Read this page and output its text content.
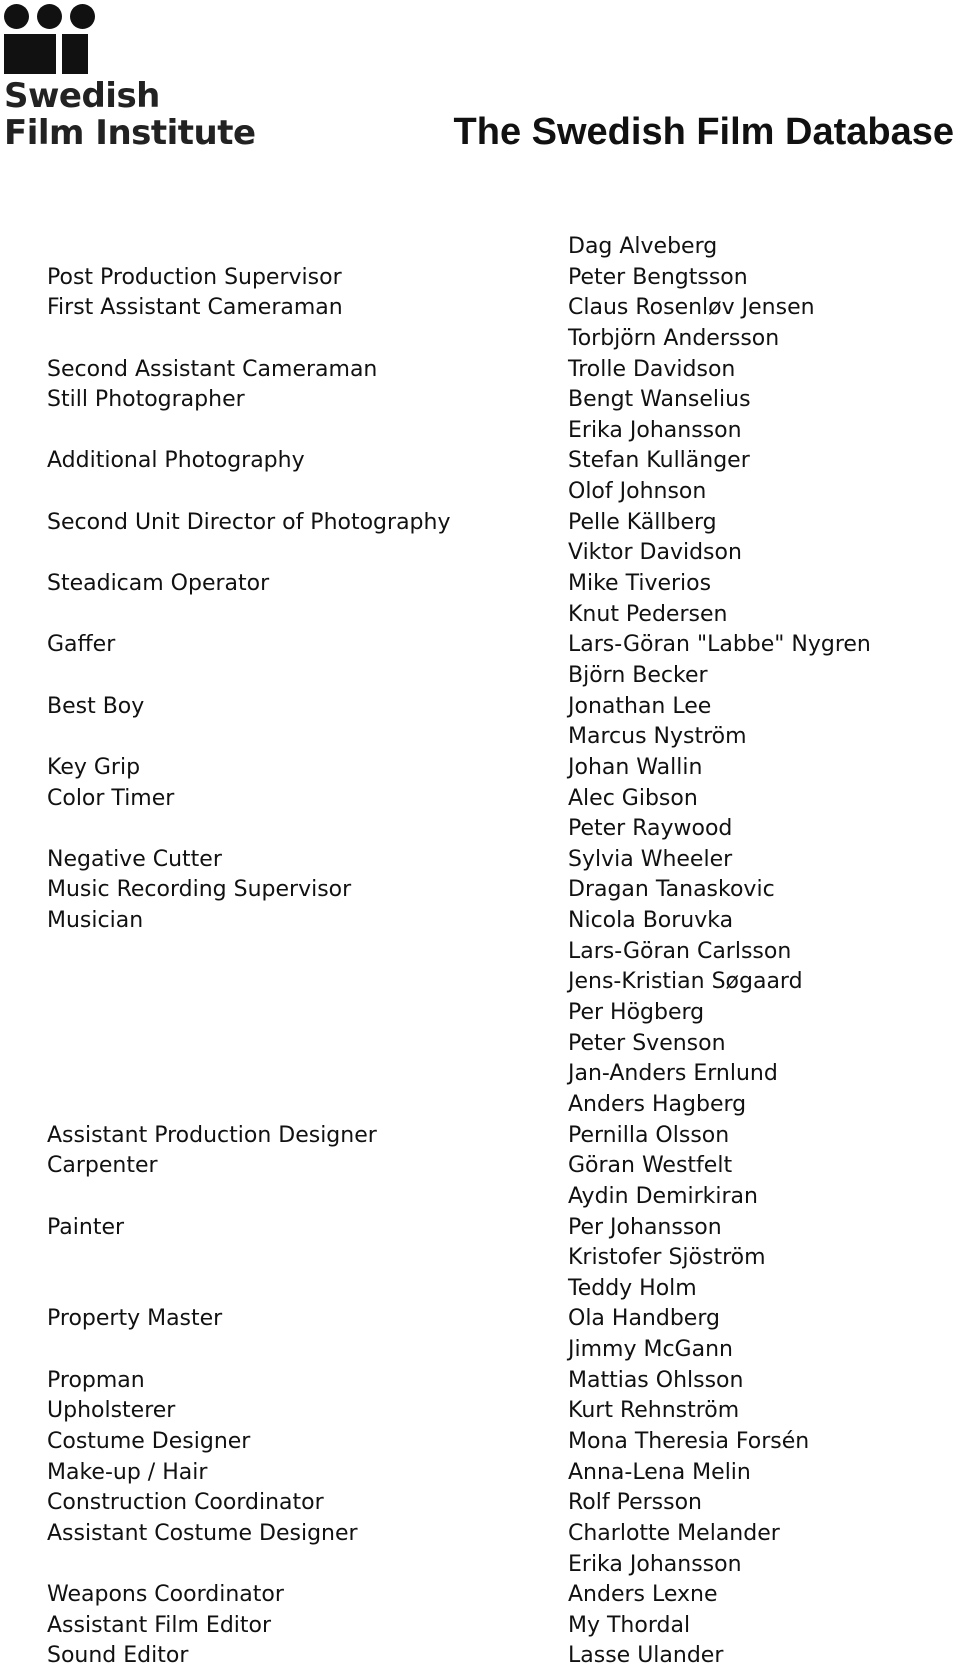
Swedish
Film Institute	The Swedish Film Database
Post Production Supervisor
First Assistant Cameraman
Second Assistant Cameraman
Still Photographer
Additional Photography
Second Unit Director of Photography
Steadicam Operator
Gaffer
Best Boy
Key Grip
Color Timer
Negative Cutter
Music Recording Supervisor
Musician
Assistant Production Designer
Carpenter
Painter
Property Master
Propman
Upholsterer
Costume Designer
Make-up / Hair
Construction Coordinator
Assistant Costume Designer
Weapons Coordinator
Assistant Film Editor
Sound Editor
Dag Alveberg
Peter Bengtsson
Claus Rosenløv Jensen
Torbjörn Andersson
Trolle Davidson
Bengt Wanselius
Erika Johansson
Stefan Kullänger
Olof Johnson
Pelle Källberg
Viktor Davidson
Mike Tiverios
Knut Pedersen
Lars-Göran "Labbe" Nygren
Björn Becker
Jonathan Lee
Marcus Nyström
Johan Wallin
Alec Gibson
Peter Raywood
Sylvia Wheeler
Dragan Tanaskovic
Nicola Boruvka
Lars-Göran Carlsson
Jens-Kristian Søgaard
Per Högberg
Peter Svenson
Jan-Anders Ernlund
Anders Hagberg
Pernilla Olsson
Göran Westfelt
Aydin Demirkiran
Per Johansson
Kristofer Sjöström
Teddy Holm
Ola Handberg
Jimmy McGann
Mattias Ohlsson
Kurt Rehnström
Mona Theresia Forsén
Anna-Lena Melin
Rolf Persson
Charlotte Melander
Erika Johansson
Anders Lexne
My Thordal
Lasse Ulander
